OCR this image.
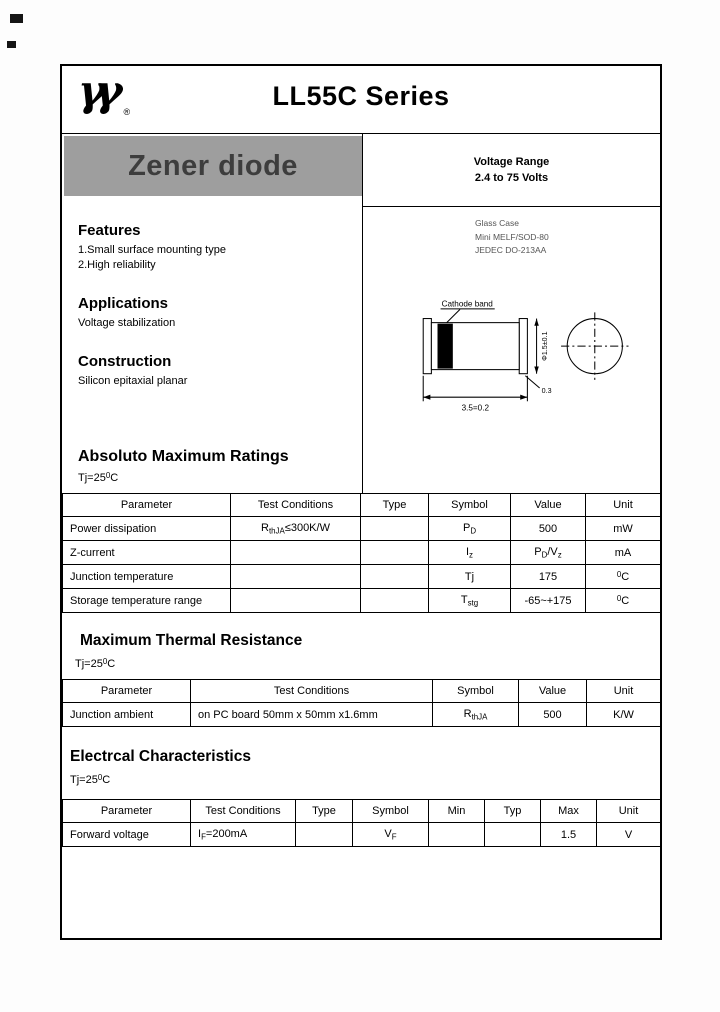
γγ $_®$
LL55C Series
Zener diode	Voltage Range
2.4 to 75 Volts
Features
1.Small surface mounting type
2.High reliability
Applications
Voltage stabilization
Construction
Silicon epitaxial planar
Absoluto Maximum Ratings
$Tj=25^0C$
Glass Case
Mini MELF/SOD-80
JEDEC DO-213AA
Cathode band
3.5=0.2
Φ1.5±0.1
0.3
Parameter	Test Conditions	Type	Symbol	Value	Unit
Power dissipation	$R_{thJA}\le 300K/W$		$P_D$	500	mW
Z-current			$I_z$	$P_D/V_z$	mA
Junction temperature			Tj	175	$^0$C
Storage temperature range			$T_{stg}$	-65~+175	$^0$C
Maximum Thermal Resistance
$Tj=25^0C$
Parameter	Test Conditions	Symbol	Value	Unit
Junction ambient	on PC board 50mm x 50mm x1.6mm	$R_{thJA}$	500	K/W
Electrcal Characteristics
$Tj=25^0C$
Parameter	Test Conditions	Type	Symbol	Min	Typ	Max	Unit
Forward voltage	$I_F=200mA$		$V_F$			1.5	V
